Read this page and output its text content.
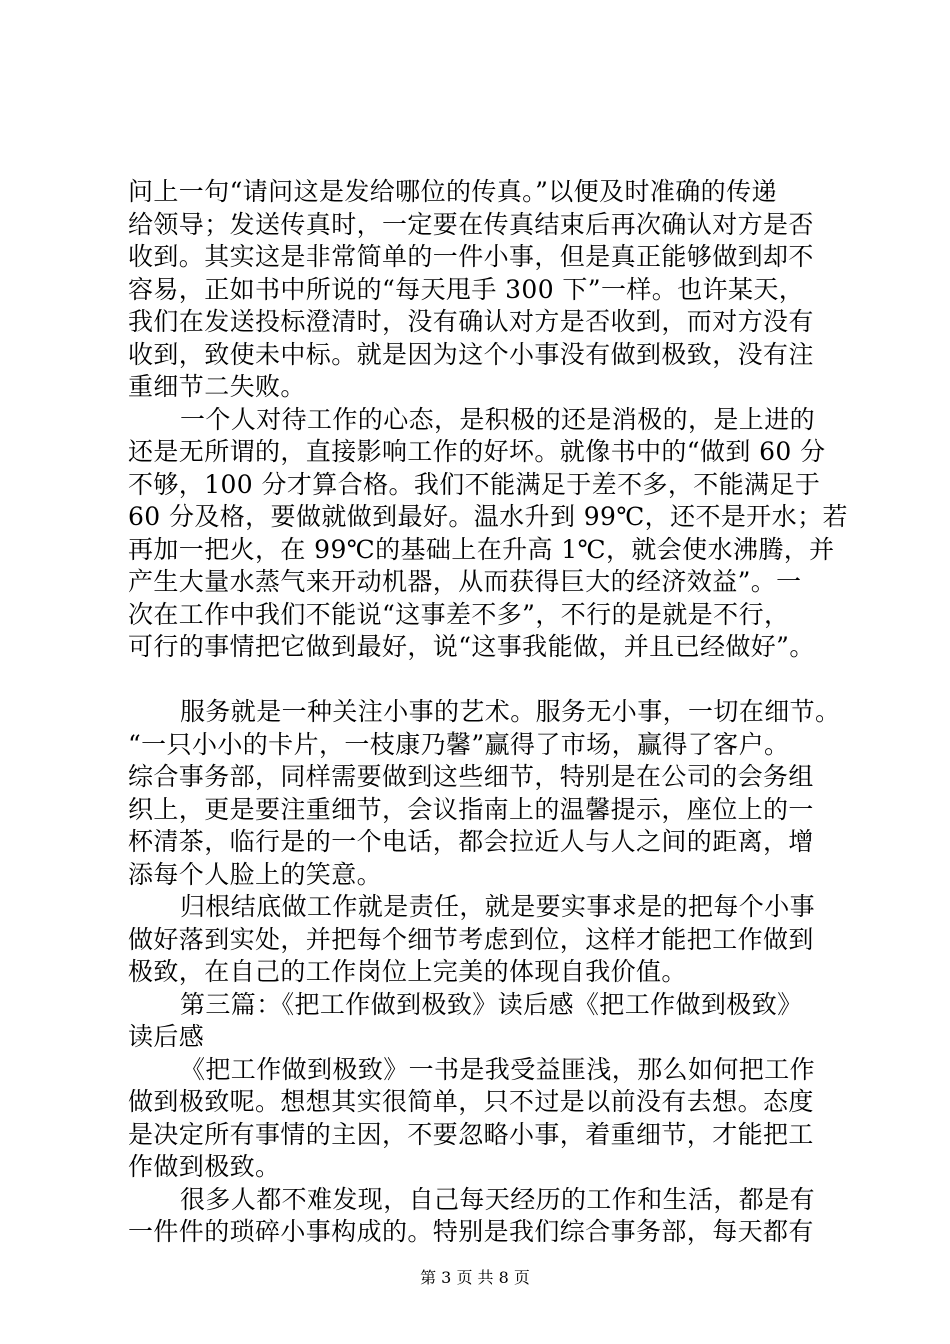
问上一句“请问这是发给哪位的传真。”以便及时准确的传递
给领导；发送传真时，一定要在传真结束后再次确认对方是否
收到。其实这是非常简单的一件小事，但是真正能够做到却不
容易，正如书中所说的“每天甩手 300 下”一样。也许某天，
我们在发送投标澄清时，没有确认对方是否收到，而对方没有
收到，致使未中标。就是因为这个小事没有做到极致，没有注
重细节二失败。
一个人对待工作的心态，是积极的还是消极的，是上进的
还是无所谓的，直接影响工作的好坏。就像书中的“做到 60 分
不够，100 分才算合格。我们不能满足于差不多，不能满足于
60 分及格，要做就做到最好。温水升到 99℃，还不是开水；若
再加一把火，在 99℃的基础上在升高 1℃，就会使水沸腾，并
产生大量水蒸气来开动机器，从而获得巨大的经济效益”。一
次在工作中我们不能说“这事差不多”，不行的是就是不行，
可行的事情把它做到最好，说“这事我能做，并且已经做好”。
服务就是一种关注小事的艺术。服务无小事，一切在细节。
“一只小小的卡片，一枝康乃馨”赢得了市场，赢得了客户。
综合事务部，同样需要做到这些细节，特别是在公司的会务组
织上，更是要注重细节，会议指南上的温馨提示，座位上的一
杯清茶，临行是的一个电话，都会拉近人与人之间的距离，增
添每个人脸上的笑意。
归根结底做工作就是责任，就是要实事求是的把每个小事
做好落到实处，并把每个细节考虑到位，这样才能把工作做到
极致，在自己的工作岗位上完美的体现自我价值。
第三篇：《把工作做到极致》读后感《把工作做到极致》
读后感
《把工作做到极致》一书是我受益匪浅，那么如何把工作
做到极致呢。想想其实很简单，只不过是以前没有去想。态度
是决定所有事情的主因，不要忽略小事，着重细节，才能把工
作做到极致。
很多人都不难发现，自己每天经历的工作和生活，都是有
一件件的琐碎小事构成的。特别是我们综合事务部，每天都有
第 3 页 共 8 页
